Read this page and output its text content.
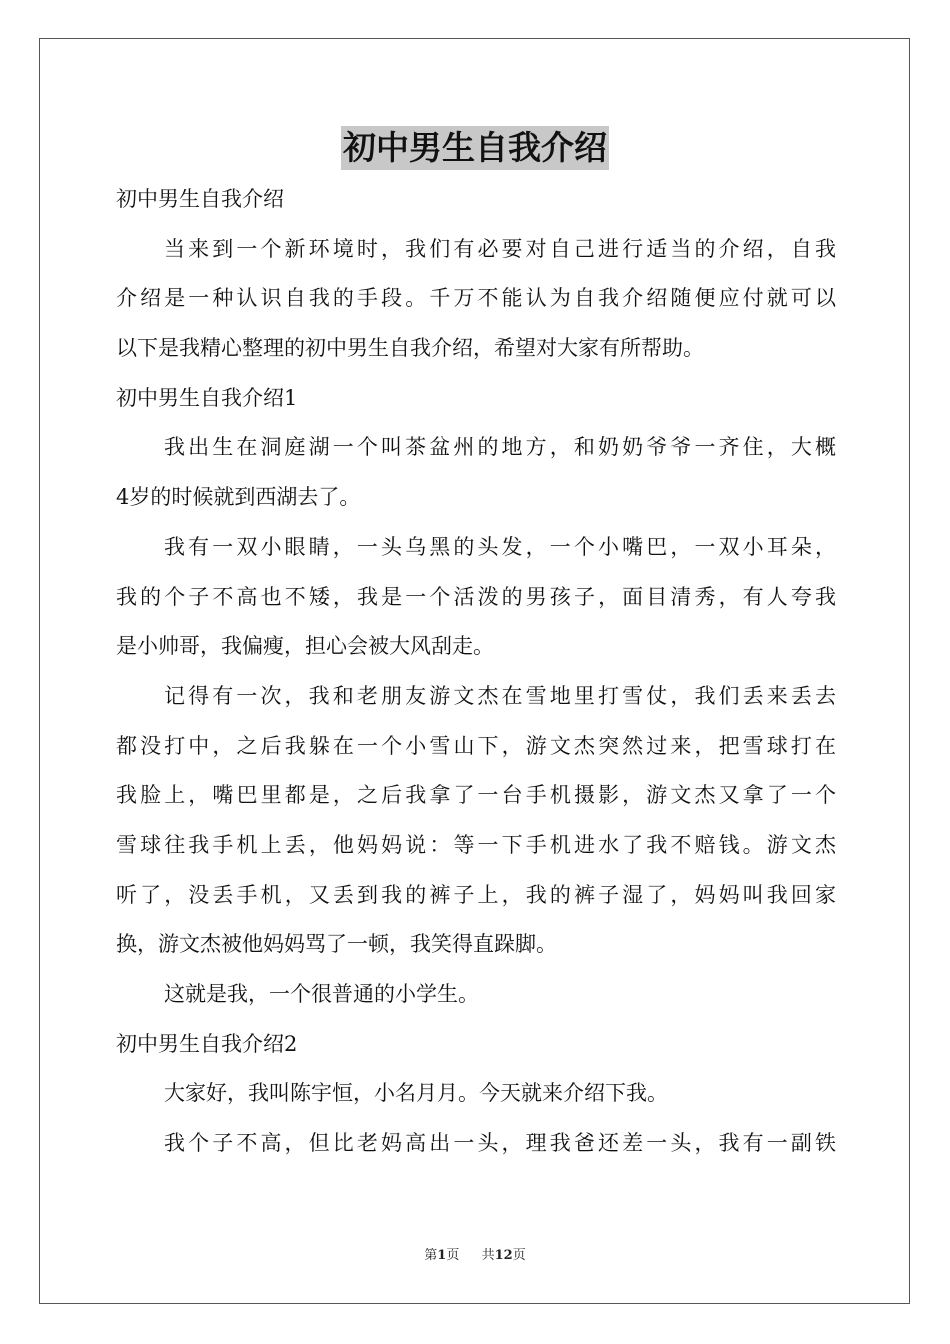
初中男生自我介绍
初中男生自我介绍
当来到一个新环境时，我们有必要对自己进行适当的介绍，自我
介绍是一种认识自我的手段。千万不能认为自我介绍随便应付就可以
以下是我精心整理的初中男生自我介绍，希望对大家有所帮助。
初中男生自我介绍1
我出生在洞庭湖一个叫茶盆州的地方，和奶奶爷爷一齐住，大概
4岁的时候就到西湖去了。
我有一双小眼睛，一头乌黑的头发，一个小嘴巴，一双小耳朵，
我的个子不高也不矮，我是一个活泼的男孩子，面目清秀，有人夸我
是小帅哥，我偏瘦，担心会被大风刮走。
记得有一次，我和老朋友游文杰在雪地里打雪仗，我们丢来丢去
都没打中，之后我躲在一个小雪山下，游文杰突然过来，把雪球打在
我脸上，嘴巴里都是，之后我拿了一台手机摄影，游文杰又拿了一个
雪球往我手机上丢，他妈妈说：等一下手机进水了我不赔钱。游文杰
听了，没丢手机，又丢到我的裤子上，我的裤子湿了，妈妈叫我回家
换，游文杰被他妈妈骂了一顿，我笑得直跺脚。
这就是我，一个很普通的小学生。
初中男生自我介绍2
大家好，我叫陈宇恒，小名月月。今天就来介绍下我。
我个子不高，但比老妈高出一头，理我爸还差一头，我有一副铁
第1页 共12页
